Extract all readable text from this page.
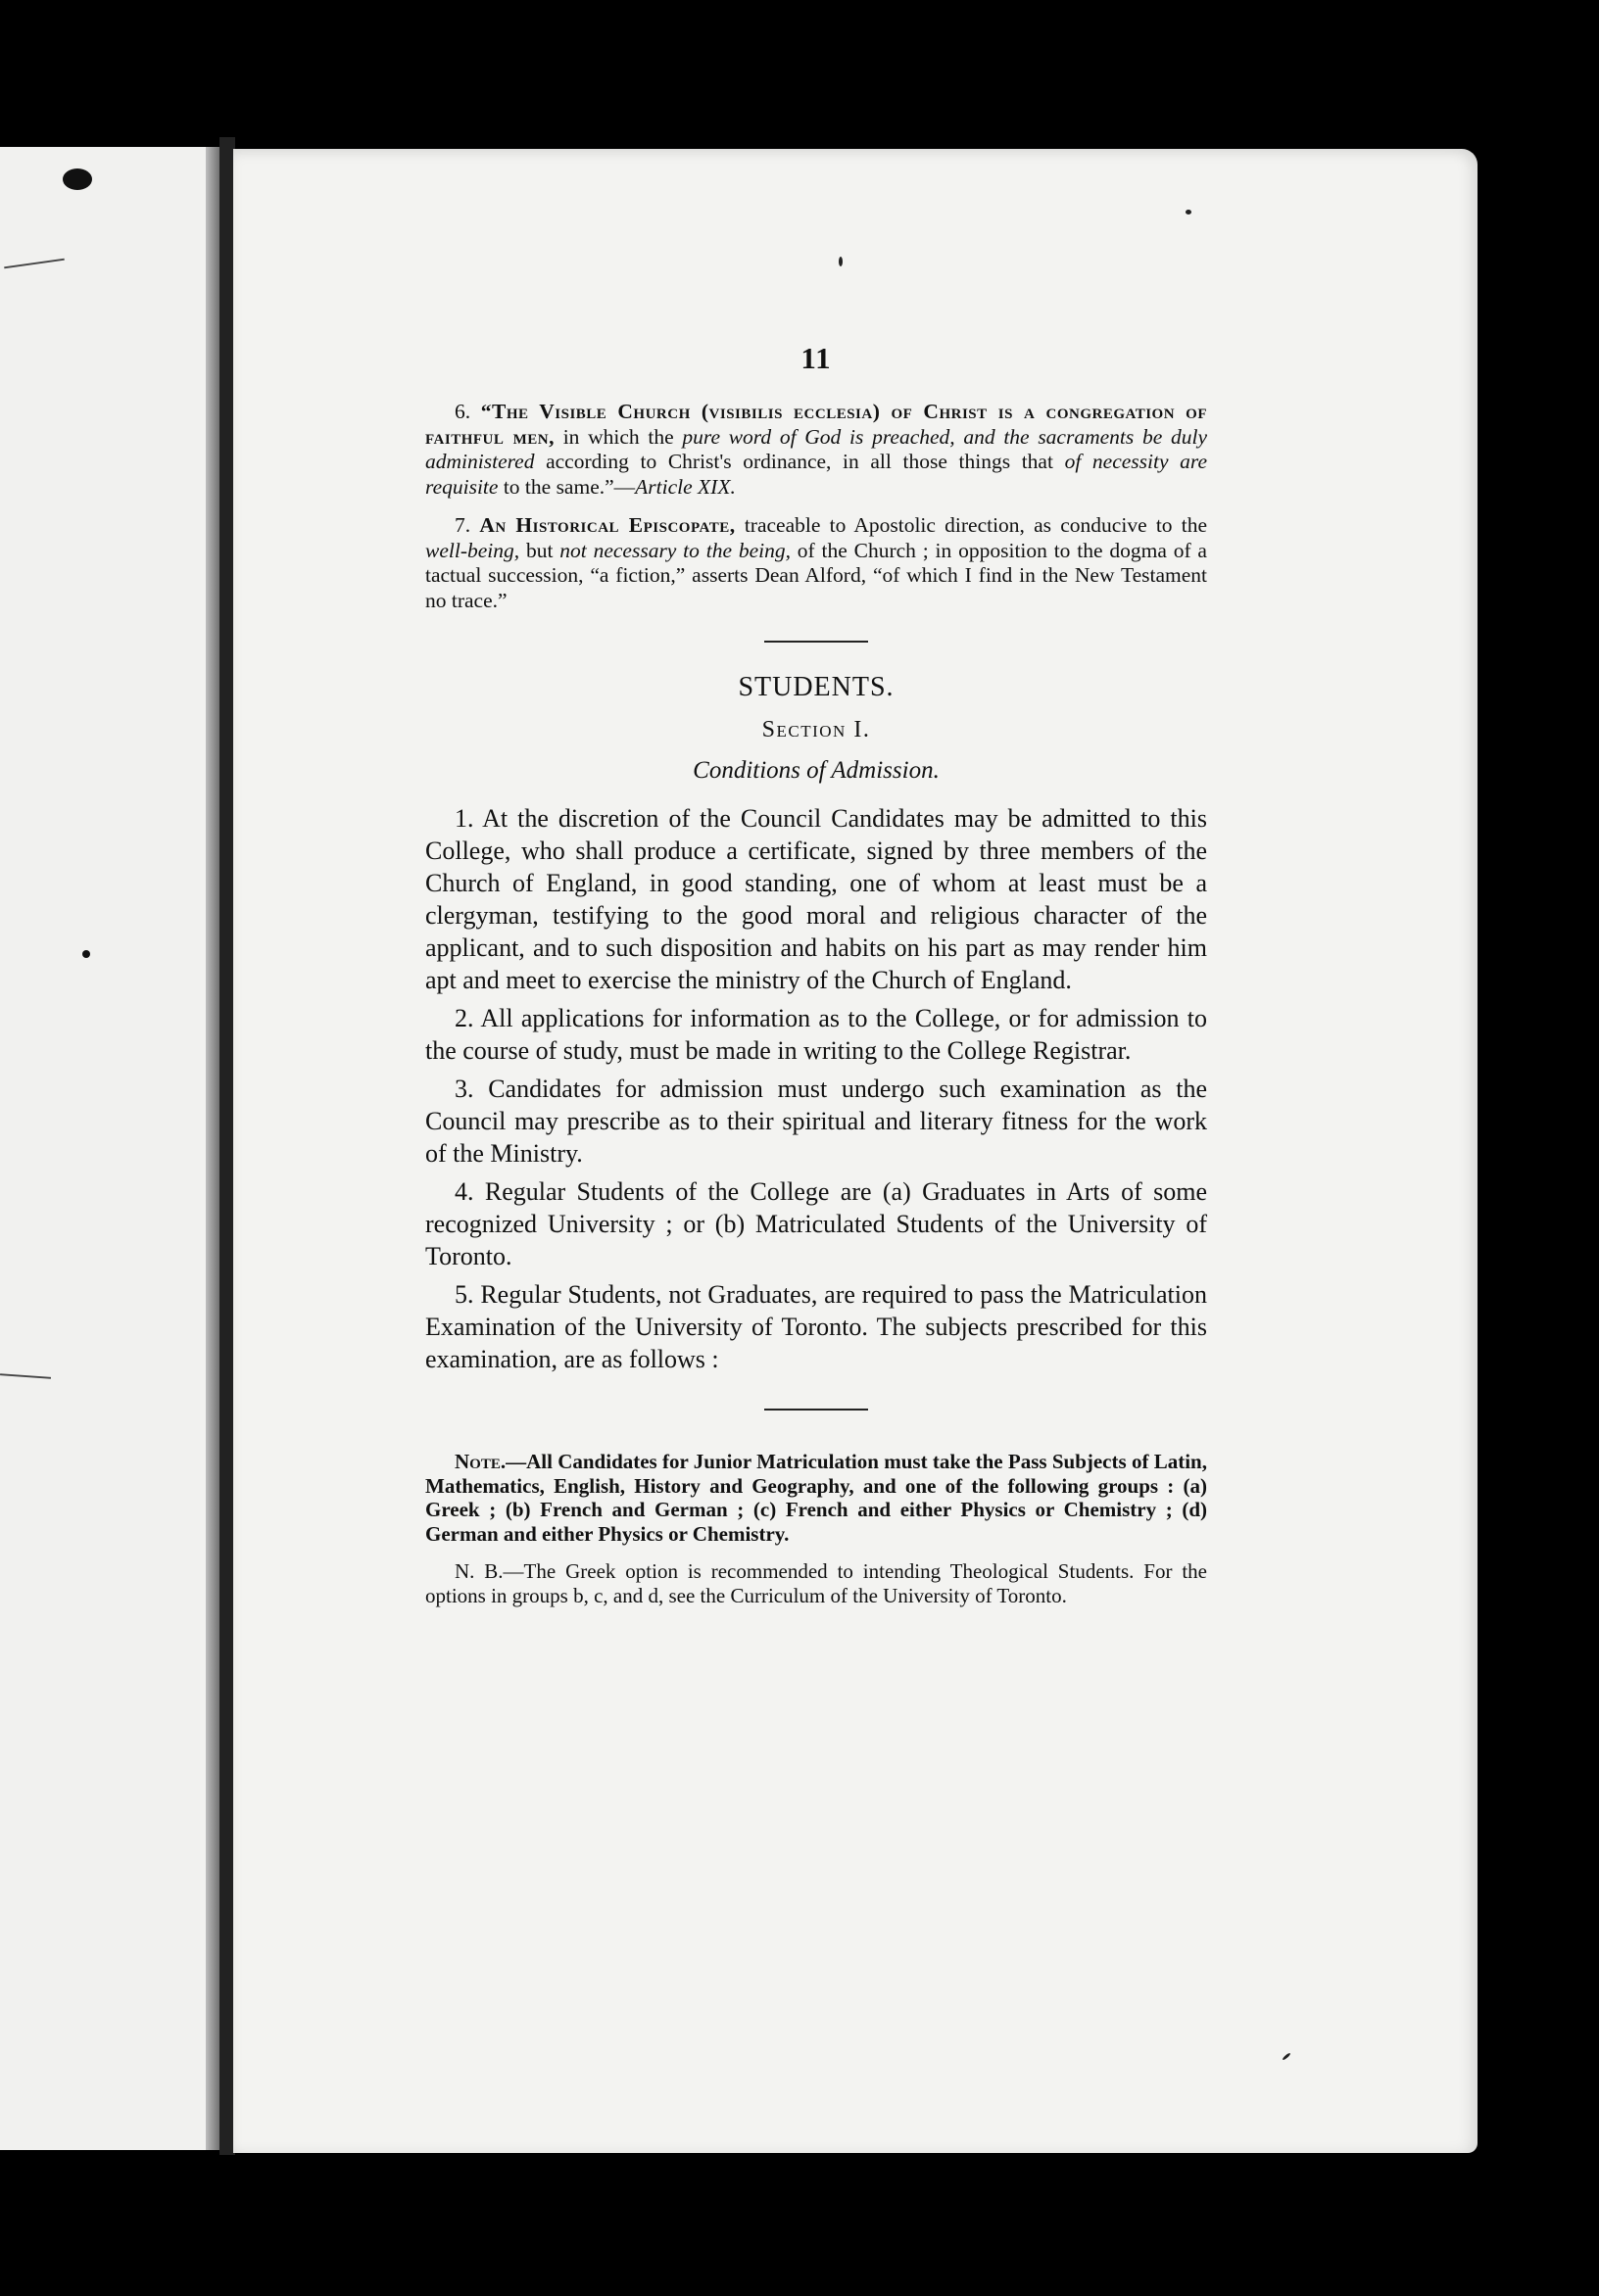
11

6. “The Visible Church (visibilis ecclesia) of Christ is a congregation of faithful men, in which the pure word of God is preached, and the sacraments be duly administered according to Christ's ordinance, in all those things that of necessity are requisite to the same.”—Article XIX.

7. An Historical Episcopate, traceable to Apostolic direction, as conducive to the well-being, but not necessary to the being, of the Church ; in opposition to the dogma of a tactual succession, “a fiction,” asserts Dean Alford, “of which I find in the New Testament no trace.”

STUDENTS.
Section I.
Conditions of Admission.

1. At the discretion of the Council Candidates may be admitted to this College, who shall produce a certificate, signed by three members of the Church of England, in good standing, one of whom at least must be a clergyman, testifying to the good moral and religious character of the applicant, and to such disposition and habits on his part as may render him apt and meet to exercise the ministry of the Church of England.

2. All applications for information as to the College, or for admission to the course of study, must be made in writing to the College Registrar.

3. Candidates for admission must undergo such examination as the Council may prescribe as to their spiritual and literary fitness for the work of the Ministry.

4. Regular Students of the College are (a) Graduates in Arts of some recognized University ; or (b) Matriculated Students of the University of Toronto.

5. Regular Students, not Graduates, are required to pass the Matriculation Examination of the University of Toronto. The subjects prescribed for this examination, are as follows :

Note.—All Candidates for Junior Matriculation must take the Pass Subjects of Latin, Mathematics, English, History and Geography, and one of the following groups : (a) Greek ; (b) French and German ; (c) French and either Physics or Chemistry ; (d) German and either Physics or Chemistry.

N. B.—The Greek option is recommended to intending Theological Students. For the options in groups b, c, and d, see the Curriculum of the University of Toronto.
